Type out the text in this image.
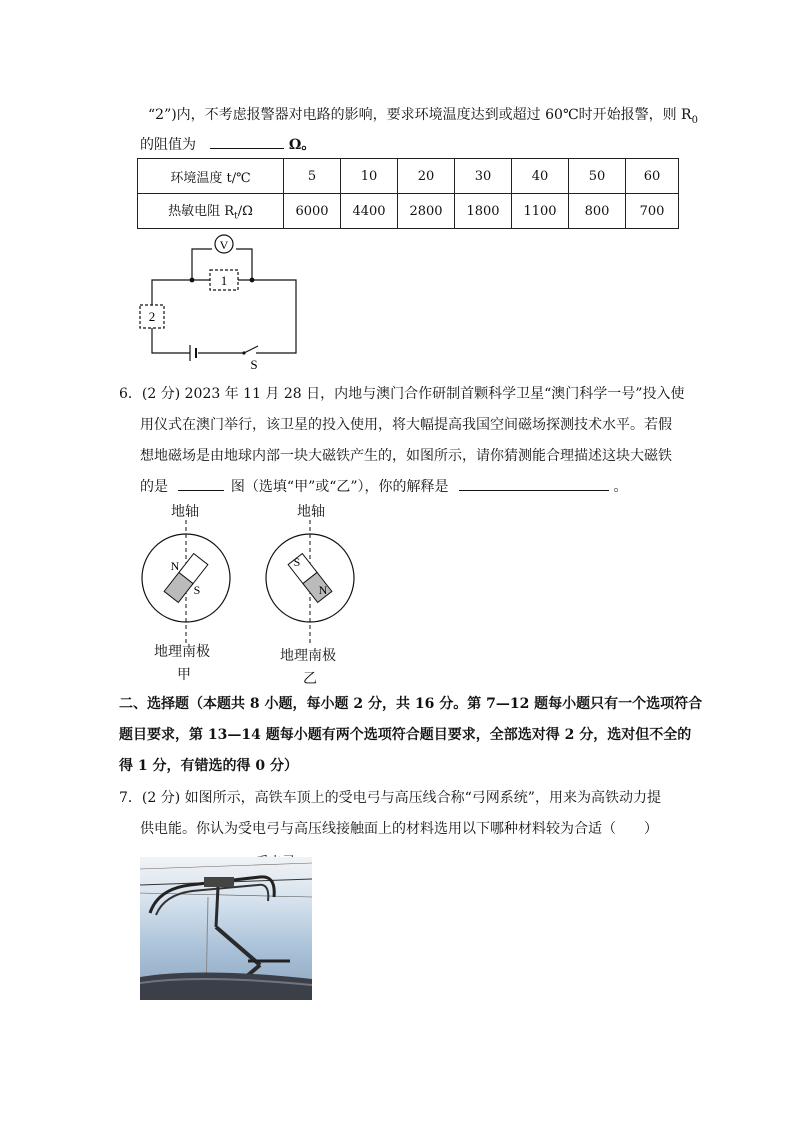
“2”)内，不考虑报警器对电路的影响，要求环境温度达到或超过 60℃时开始报警，则 $R_0$
的阻值为	Ω。
环境温度 t/℃	5	10	20	30	40	50	60
热敏电阻 $R_t/\Omega$	6000	4400	2800	1800	1100	800	700
V
1
2
S
6．(2 分) 2023 年 11 月 28 日，内地与澳门合作研制首颗科学卫星“澳门科学一号”投入使
用仪式在澳门举行，该卫星的投入使用，将大幅提高我国空间磁场探测技术水平。若假
想地磁场是由地球内部一块大磁铁产生的，如图所示，请你猜测能合理描述这块大磁铁
的是	图（选填“甲”或“乙”），你的解释是	。
地轴
N
S
地理南极
甲
地轴
S
N
地理南极
乙
二、选择题（本题共 8 小题，每小题 2 分，共 16 分。第 7—12 题每小题只有一个选项符合
题目要求，第 13—14 题每小题有两个选项符合题目要求，全部选对得 2 分，选对但不全的
得 1 分，有错选的得 0 分）
7．(2 分) 如图所示，高铁车顶上的受电弓与高压线合称“弓网系统”，用来为高铁动力提
供电能。你认为受电弓与高压线接触面上的材料选用以下哪种材料较为合适（　　）
